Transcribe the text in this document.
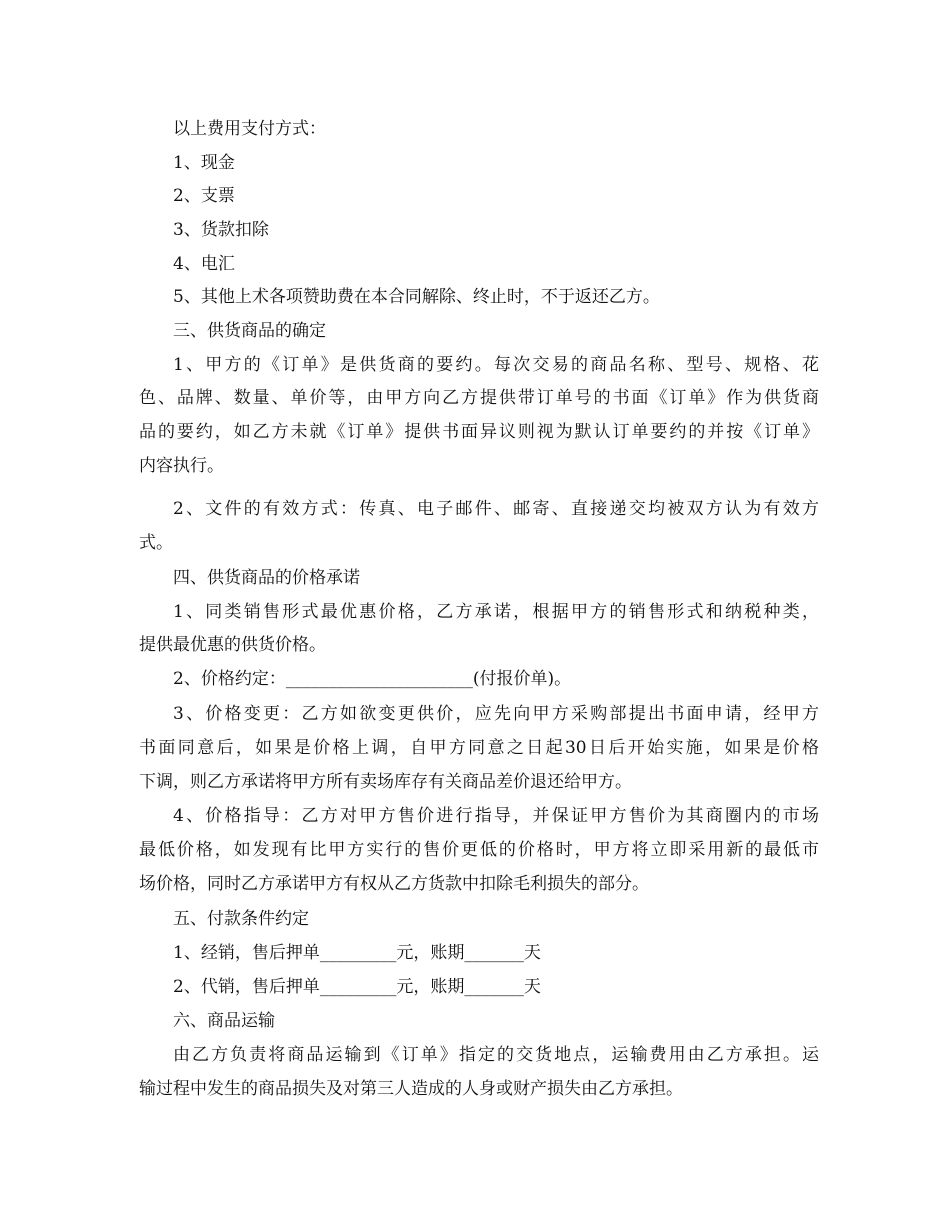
以上费用支付方式：
1、现金
2、支票
3、货款扣除
4、电汇
5、其他上术各项赞助费在本合同解除、终止时，不于返还乙方。
三、供货商品的确定
1、甲方的《订单》是供货商的要约。每次交易的商品名称、型号、规格、花
色、品牌、数量、单价等，由甲方向乙方提供带订单号的书面《订单》作为供货商
品的要约，如乙方未就《订单》提供书面异议则视为默认订单要约的并按《订单》
内容执行。
2、文件的有效方式：传真、电子邮件、邮寄、直接递交均被双方认为有效方
式。
四、供货商品的价格承诺
1、同类销售形式最优惠价格，乙方承诺，根据甲方的销售形式和纳税种类，
提供最优惠的供货价格。
2、价格约定：______________________(付报价单)。
3、价格变更：乙方如欲变更供价，应先向甲方采购部提出书面申请，经甲方
书面同意后，如果是价格上调，自甲方同意之日起30日后开始实施，如果是价格
下调，则乙方承诺将甲方所有卖场库存有关商品差价退还给甲方。
4、价格指导：乙方对甲方售价进行指导，并保证甲方售价为其商圈内的市场
最低价格，如发现有比甲方实行的售价更低的价格时，甲方将立即采用新的最低市
场价格，同时乙方承诺甲方有权从乙方货款中扣除毛利损失的部分。
五、付款条件约定
1、经销，售后押单_________元，账期_______天
2、代销，售后押单_________元，账期_______天
六、商品运输
由乙方负责将商品运输到《订单》指定的交货地点，运输费用由乙方承担。运
输过程中发生的商品损失及对第三人造成的人身或财产损失由乙方承担。
